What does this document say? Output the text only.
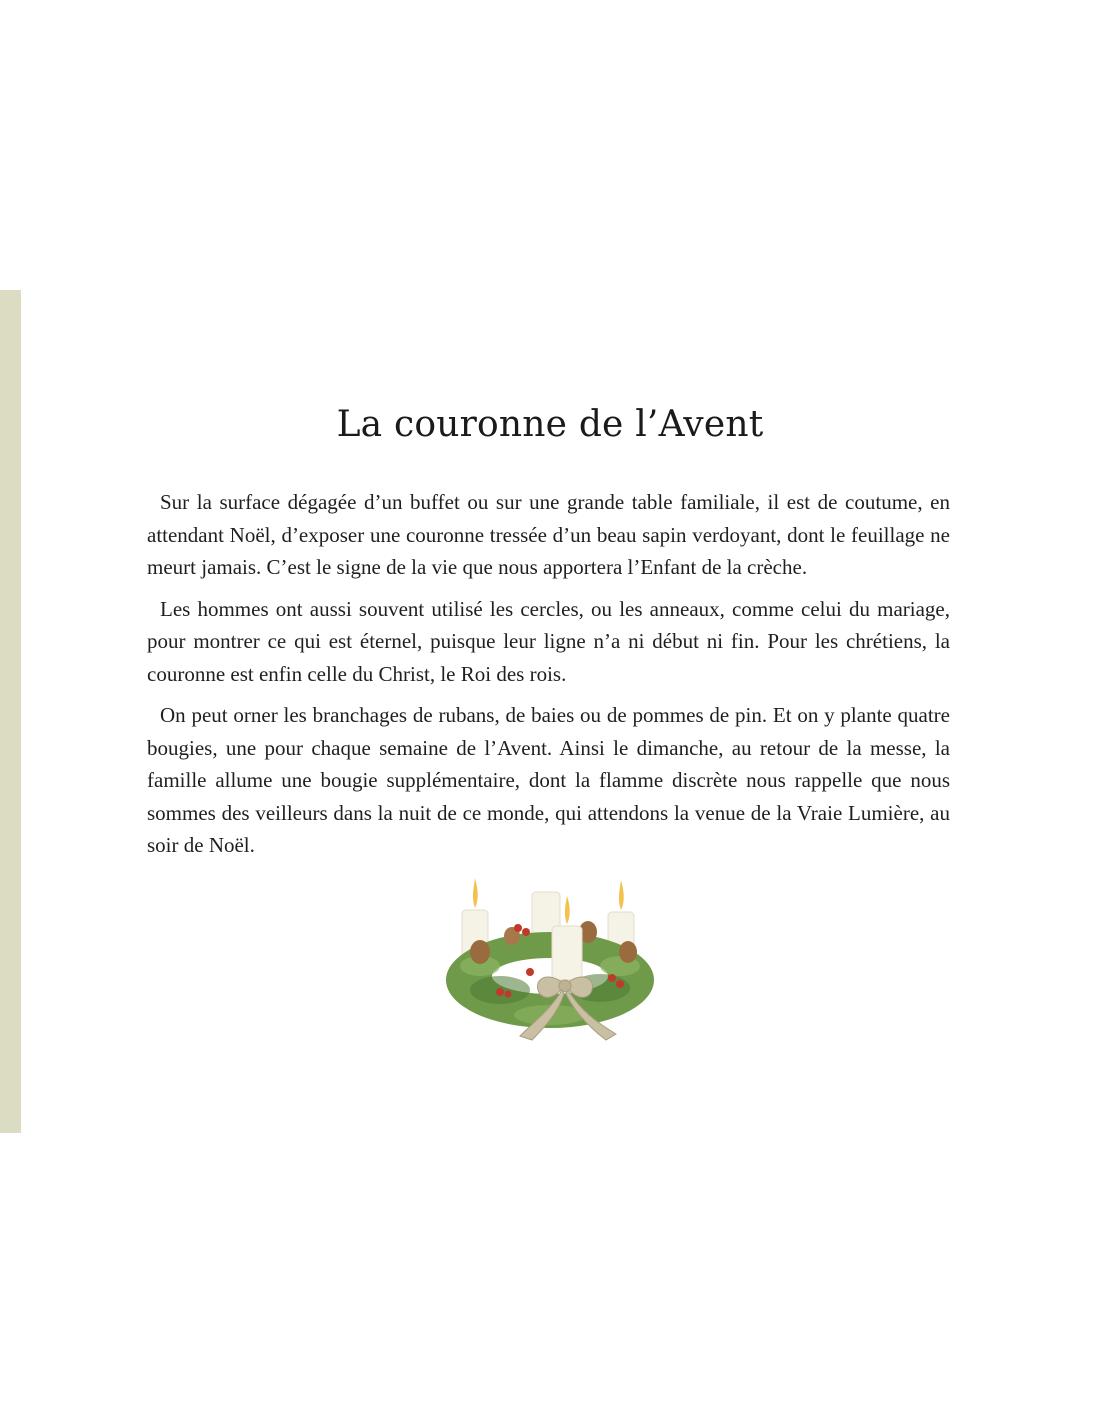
La couronne de l’Avent

Sur la surface dégagée d’un buffet ou sur une grande table familiale, il est de coutume, en attendant Noël, d’exposer une couronne tressée d’un beau sapin verdoyant, dont le feuillage ne meurt jamais. C’est le signe de la vie que nous apportera l’Enfant de la crèche.

Les hommes ont aussi souvent utilisé les cercles, ou les anneaux, comme celui du mariage, pour montrer ce qui est éternel, puisque leur ligne n’a ni début ni fin. Pour les chrétiens, la couronne est enfin celle du Christ, le Roi des rois.

On peut orner les branchages de rubans, de baies ou de pommes de pin. Et on y plante quatre bougies, une pour chaque semaine de l’Avent. Ainsi le dimanche, au retour de la messe, la famille allume une bougie supplémentaire, dont la flamme discrète nous rappelle que nous sommes des veilleurs dans la nuit de ce monde, qui attendons la venue de la Vraie Lumière, au soir de Noël.
